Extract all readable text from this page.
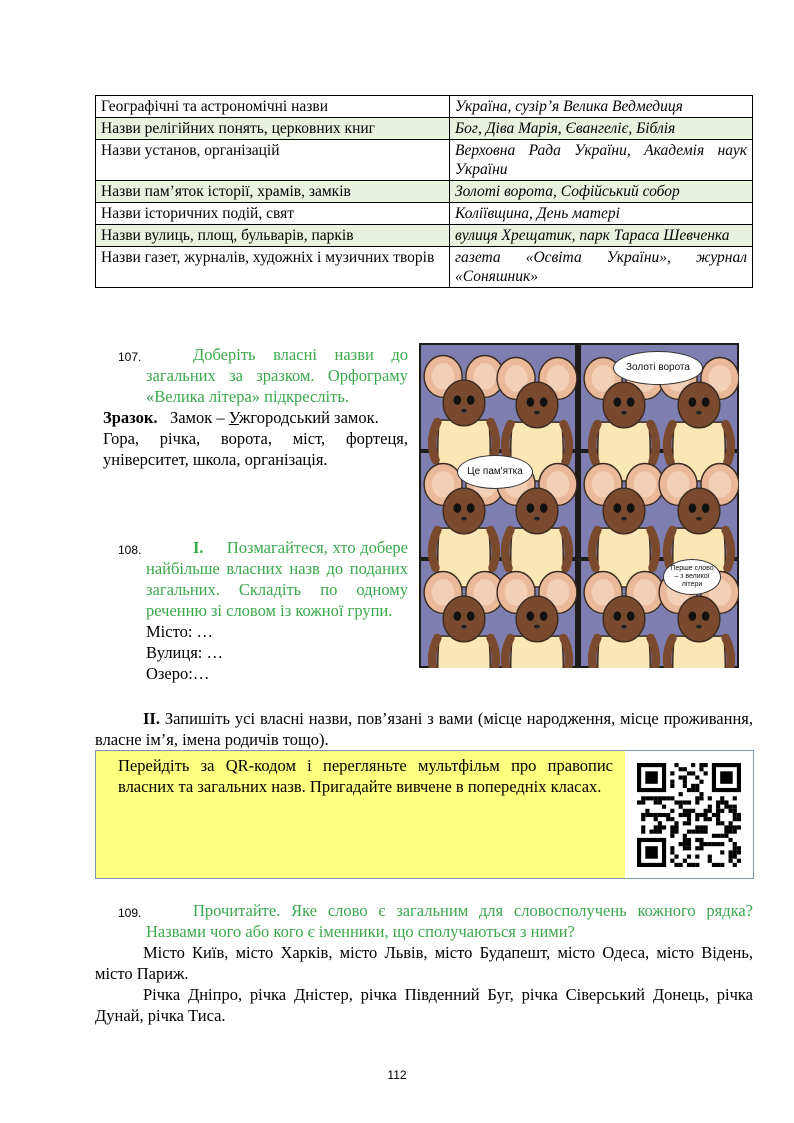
Географічні та астрономічні назви	Україна, сузір’я Велика Ведмедиця
Назви релігійних понять, церковних книг	Бог, Діва Марія, Євангеліє, Біблія
Назви установ, організацій	Верховна Рада України, Академія наук України
Назви пам’яток історії, храмів, замків	Золоті ворота, Софійський собор
Назви історичних подій, свят	Коліївщина, День матері
Назви вулиць, площ, бульварів, парків	вулиця Хрещатик, парк Тараса Шевченка
Назви газет, журналів, художніх і музичних творів	газета «Освіта України», журнал «Соняшник»
107.	Доберіть власні назви до загальних за зразком. Орфограму «Велика літера» підкресліть.
Зразок. Замок – Ужгородський замок.
Гора, річка, ворота, міст, фортеця, університет, школа, організація.
Золоті ворота
Це пам'ятка
Перше слово – з великої літери
108.	I. Позмагайтеся, хто добере найбільше власних назв до поданих загальних. Складіть по одному реченню зі словом із кожної групи.
Місто: …
Вулиця: …
Озеро:…
II. Запишіть усі власні назви, пов’язані з вами (місце народження, місце проживання, власне ім’я, імена родичів тощо).
Перейдіть за QR-кодом і перегляньте мультфільм про правопис власних та загальних назв. Пригадайте вивчене в попередніх класах.
109.	Прочитайте. Яке слово є загальним для словосполучень кожного рядка? Назвами чого або кого є іменники, що сполучаються з ними?
Місто Київ, місто Харків, місто Львів, місто Будапешт, місто Одеса, місто Відень, місто Париж.
Річка Дніпро, річка Дністер, річка Південний Буг, річка Сіверський Донець, річка Дунай, річка Тиса.
112
